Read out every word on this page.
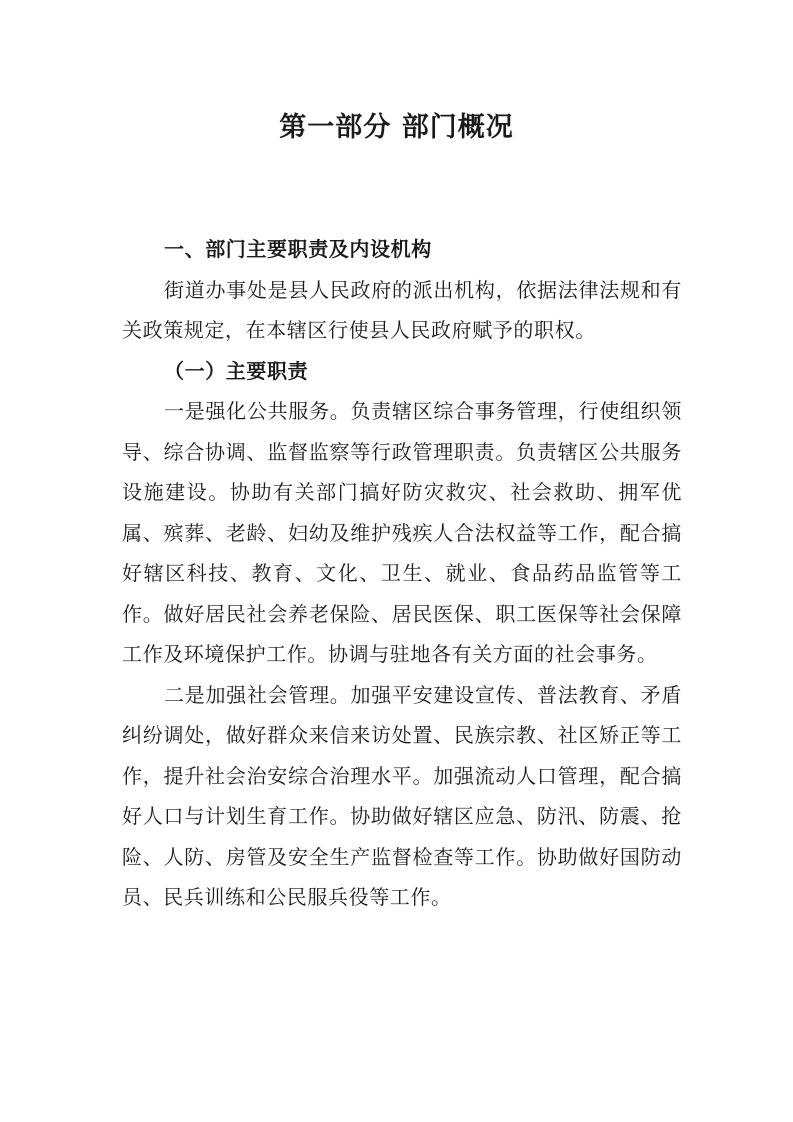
第一部分 部门概况

一、部门主要职责及内设机构

街道办事处是县人民政府的派出机构，依据法律法规和有关政策规定，在本辖区行使县人民政府赋予的职权。

（一）主要职责

一是强化公共服务。负责辖区综合事务管理，行使组织领导、综合协调、监督监察等行政管理职责。负责辖区公共服务设施建设。协助有关部门搞好防灾救灾、社会救助、拥军优属、殡葬、老龄、妇幼及维护残疾人合法权益等工作，配合搞好辖区科技、教育、文化、卫生、就业、食品药品监管等工作。做好居民社会养老保险、居民医保、职工医保等社会保障工作及环境保护工作。协调与驻地各有关方面的社会事务。

二是加强社会管理。加强平安建设宣传、普法教育、矛盾纠纷调处，做好群众来信来访处置、民族宗教、社区矫正等工作，提升社会治安综合治理水平。加强流动人口管理，配合搞好人口与计划生育工作。协助做好辖区应急、防汛、防震、抢险、人防、房管及安全生产监督检查等工作。协助做好国防动员、民兵训练和公民服兵役等工作。
